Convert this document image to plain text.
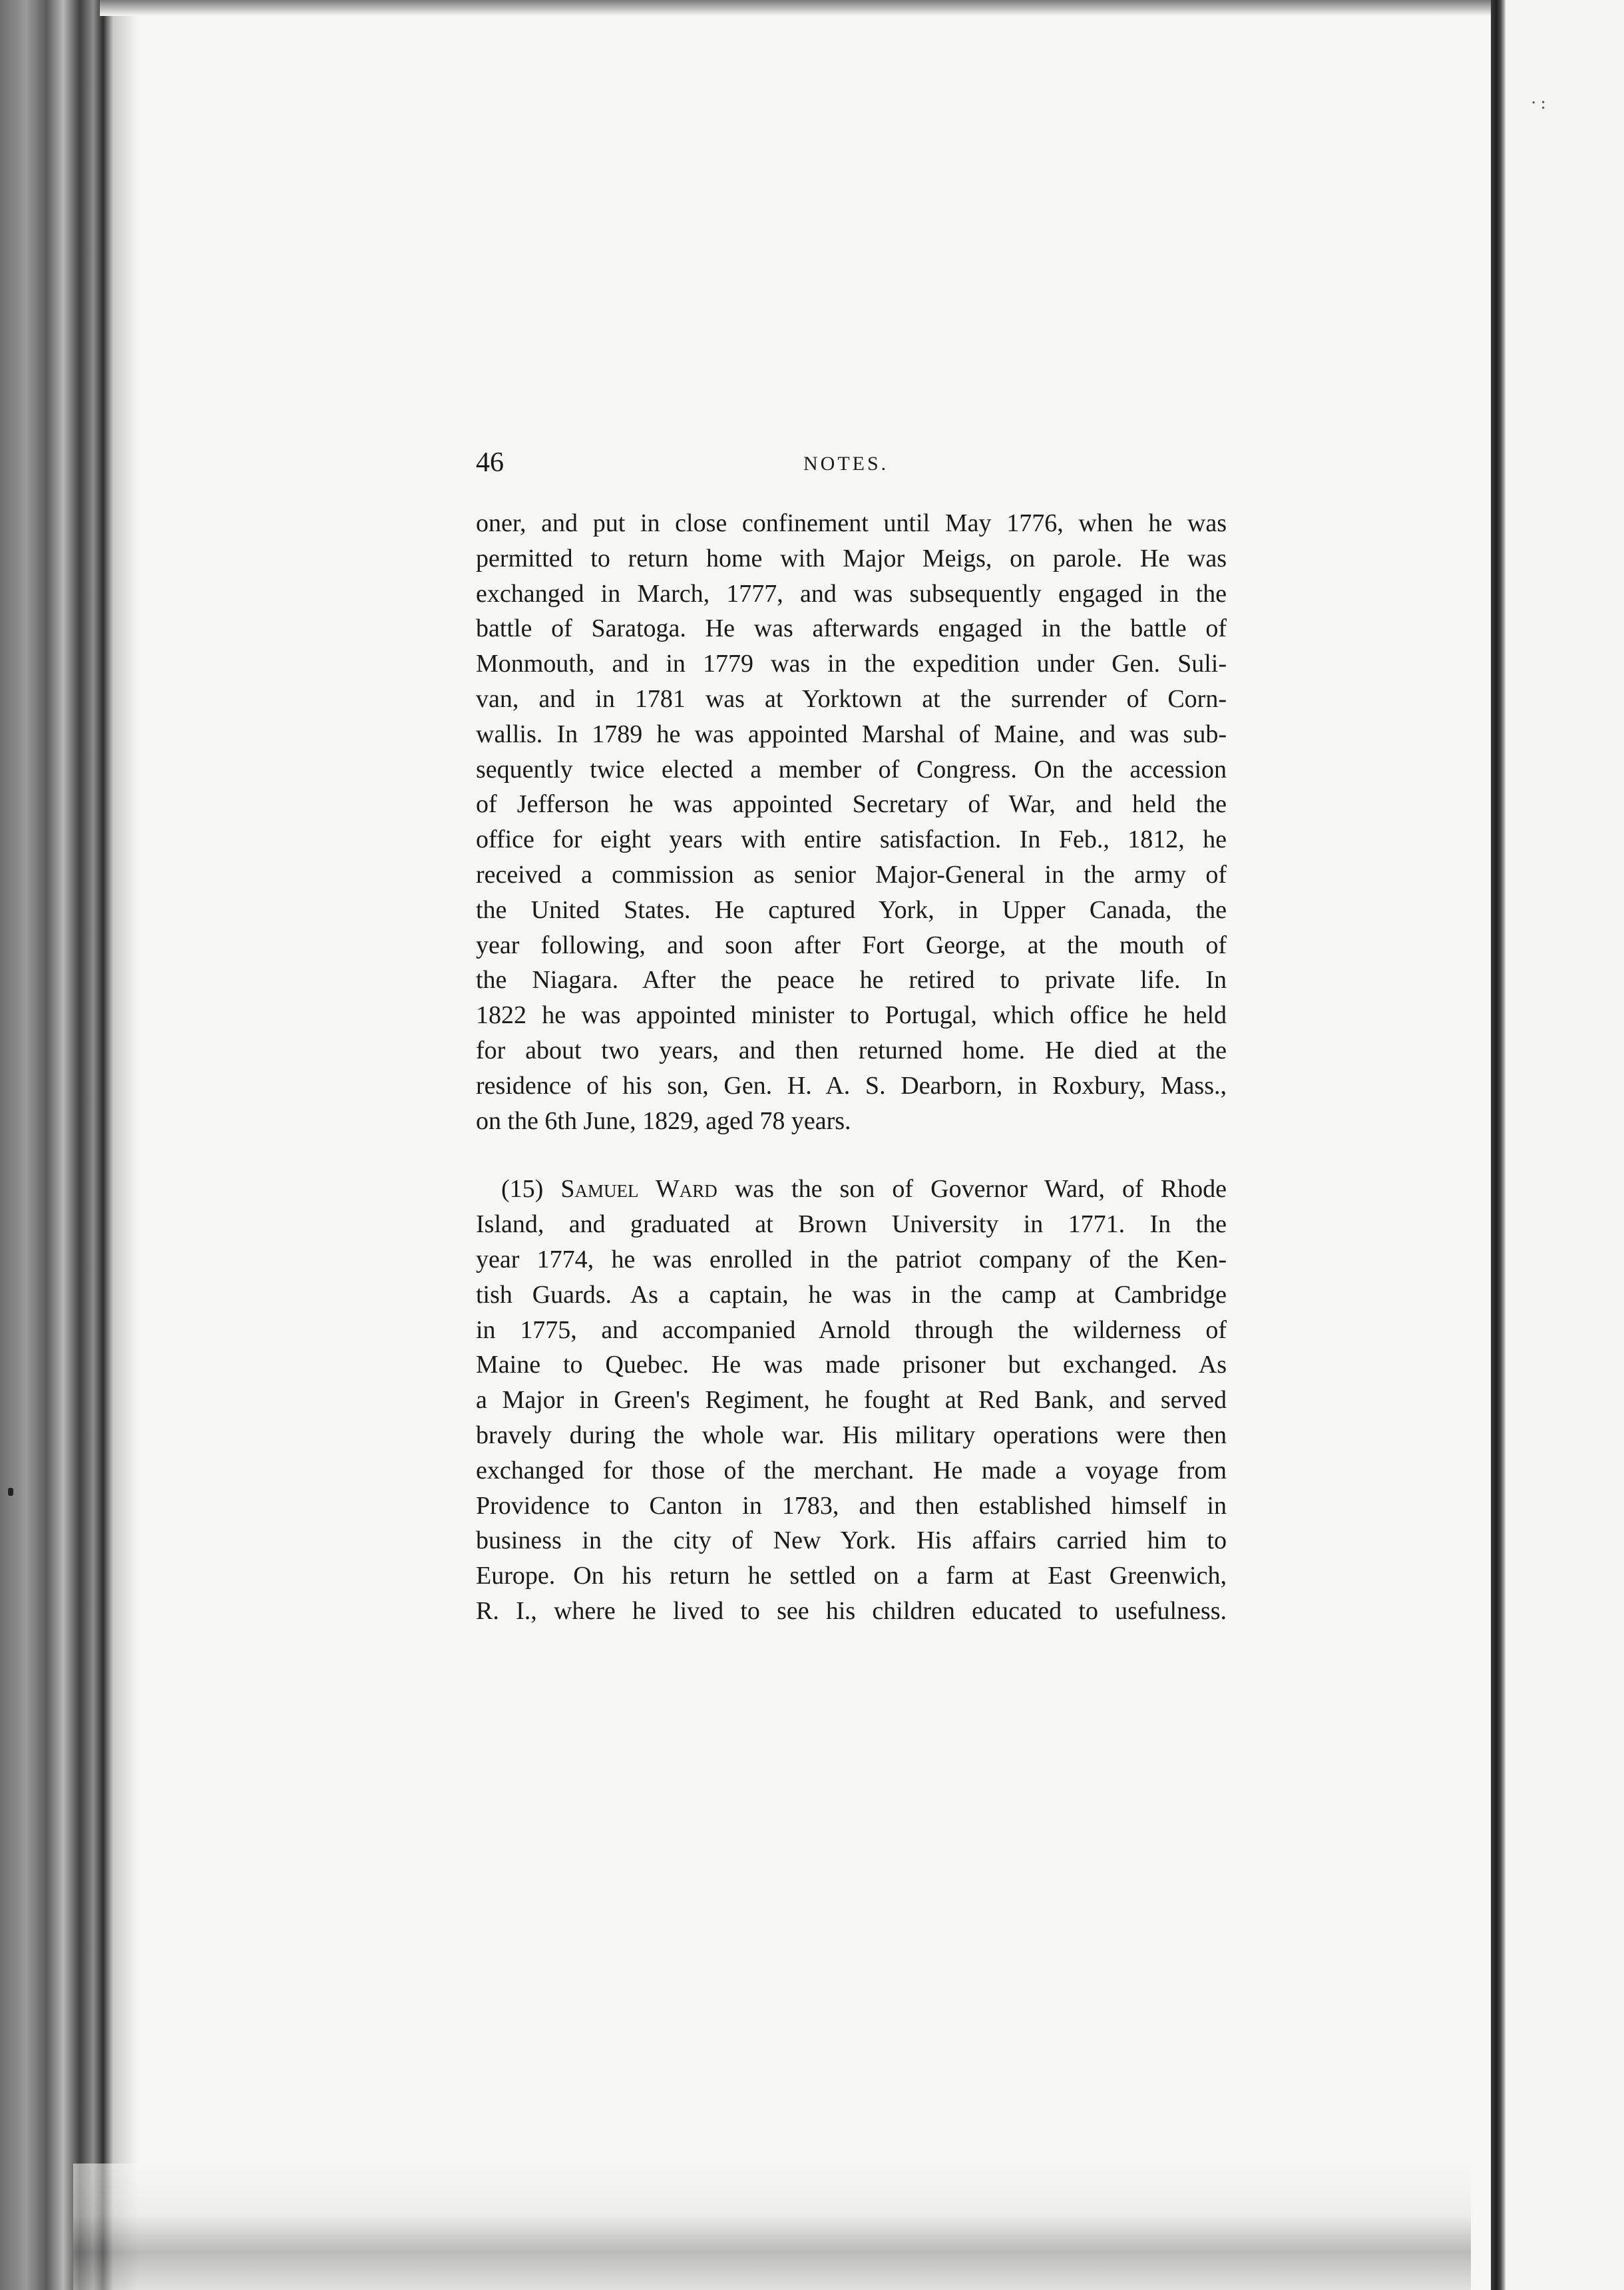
·:
46	NOTES.

oner, and put in close confinement until May 1776, when he was
permitted to return home with Major Meigs, on parole. He was
exchanged in March, 1777, and was subsequently engaged in the
battle of Saratoga. He was afterwards engaged in the battle of
Monmouth, and in 1779 was in the expedition under Gen. Suli-
van, and in 1781 was at Yorktown at the surrender of Corn-
wallis. In 1789 he was appointed Marshal of Maine, and was sub-
sequently twice elected a member of Congress. On the accession
of Jefferson he was appointed Secretary of War, and held the
office for eight years with entire satisfaction. In Feb., 1812, he
received a commission as senior Major-General in the army of
the United States. He captured York, in Upper Canada, the
year following, and soon after Fort George, at the mouth of
the Niagara. After the peace he retired to private life. In
1822 he was appointed minister to Portugal, which office he held
for about two years, and then returned home. He died at the
residence of his son, Gen. H. A. S. Dearborn, in Roxbury, Mass.,
on the 6th June, 1829, aged 78 years.

 (15) Samuel Ward was the son of Governor Ward, of Rhode
Island, and graduated at Brown University in 1771. In the
year 1774, he was enrolled in the patriot company of the Ken-
tish Guards. As a captain, he was in the camp at Cambridge
in 1775, and accompanied Arnold through the wilderness of
Maine to Quebec. He was made prisoner but exchanged. As
a Major in Green's Regiment, he fought at Red Bank, and served
bravely during the whole war. His military operations were then
exchanged for those of the merchant. He made a voyage from
Providence to Canton in 1783, and then established himself in
business in the city of New York. His affairs carried him to
Europe. On his return he settled on a farm at East Greenwich,
R. I., where he lived to see his children educated to usefulness.
